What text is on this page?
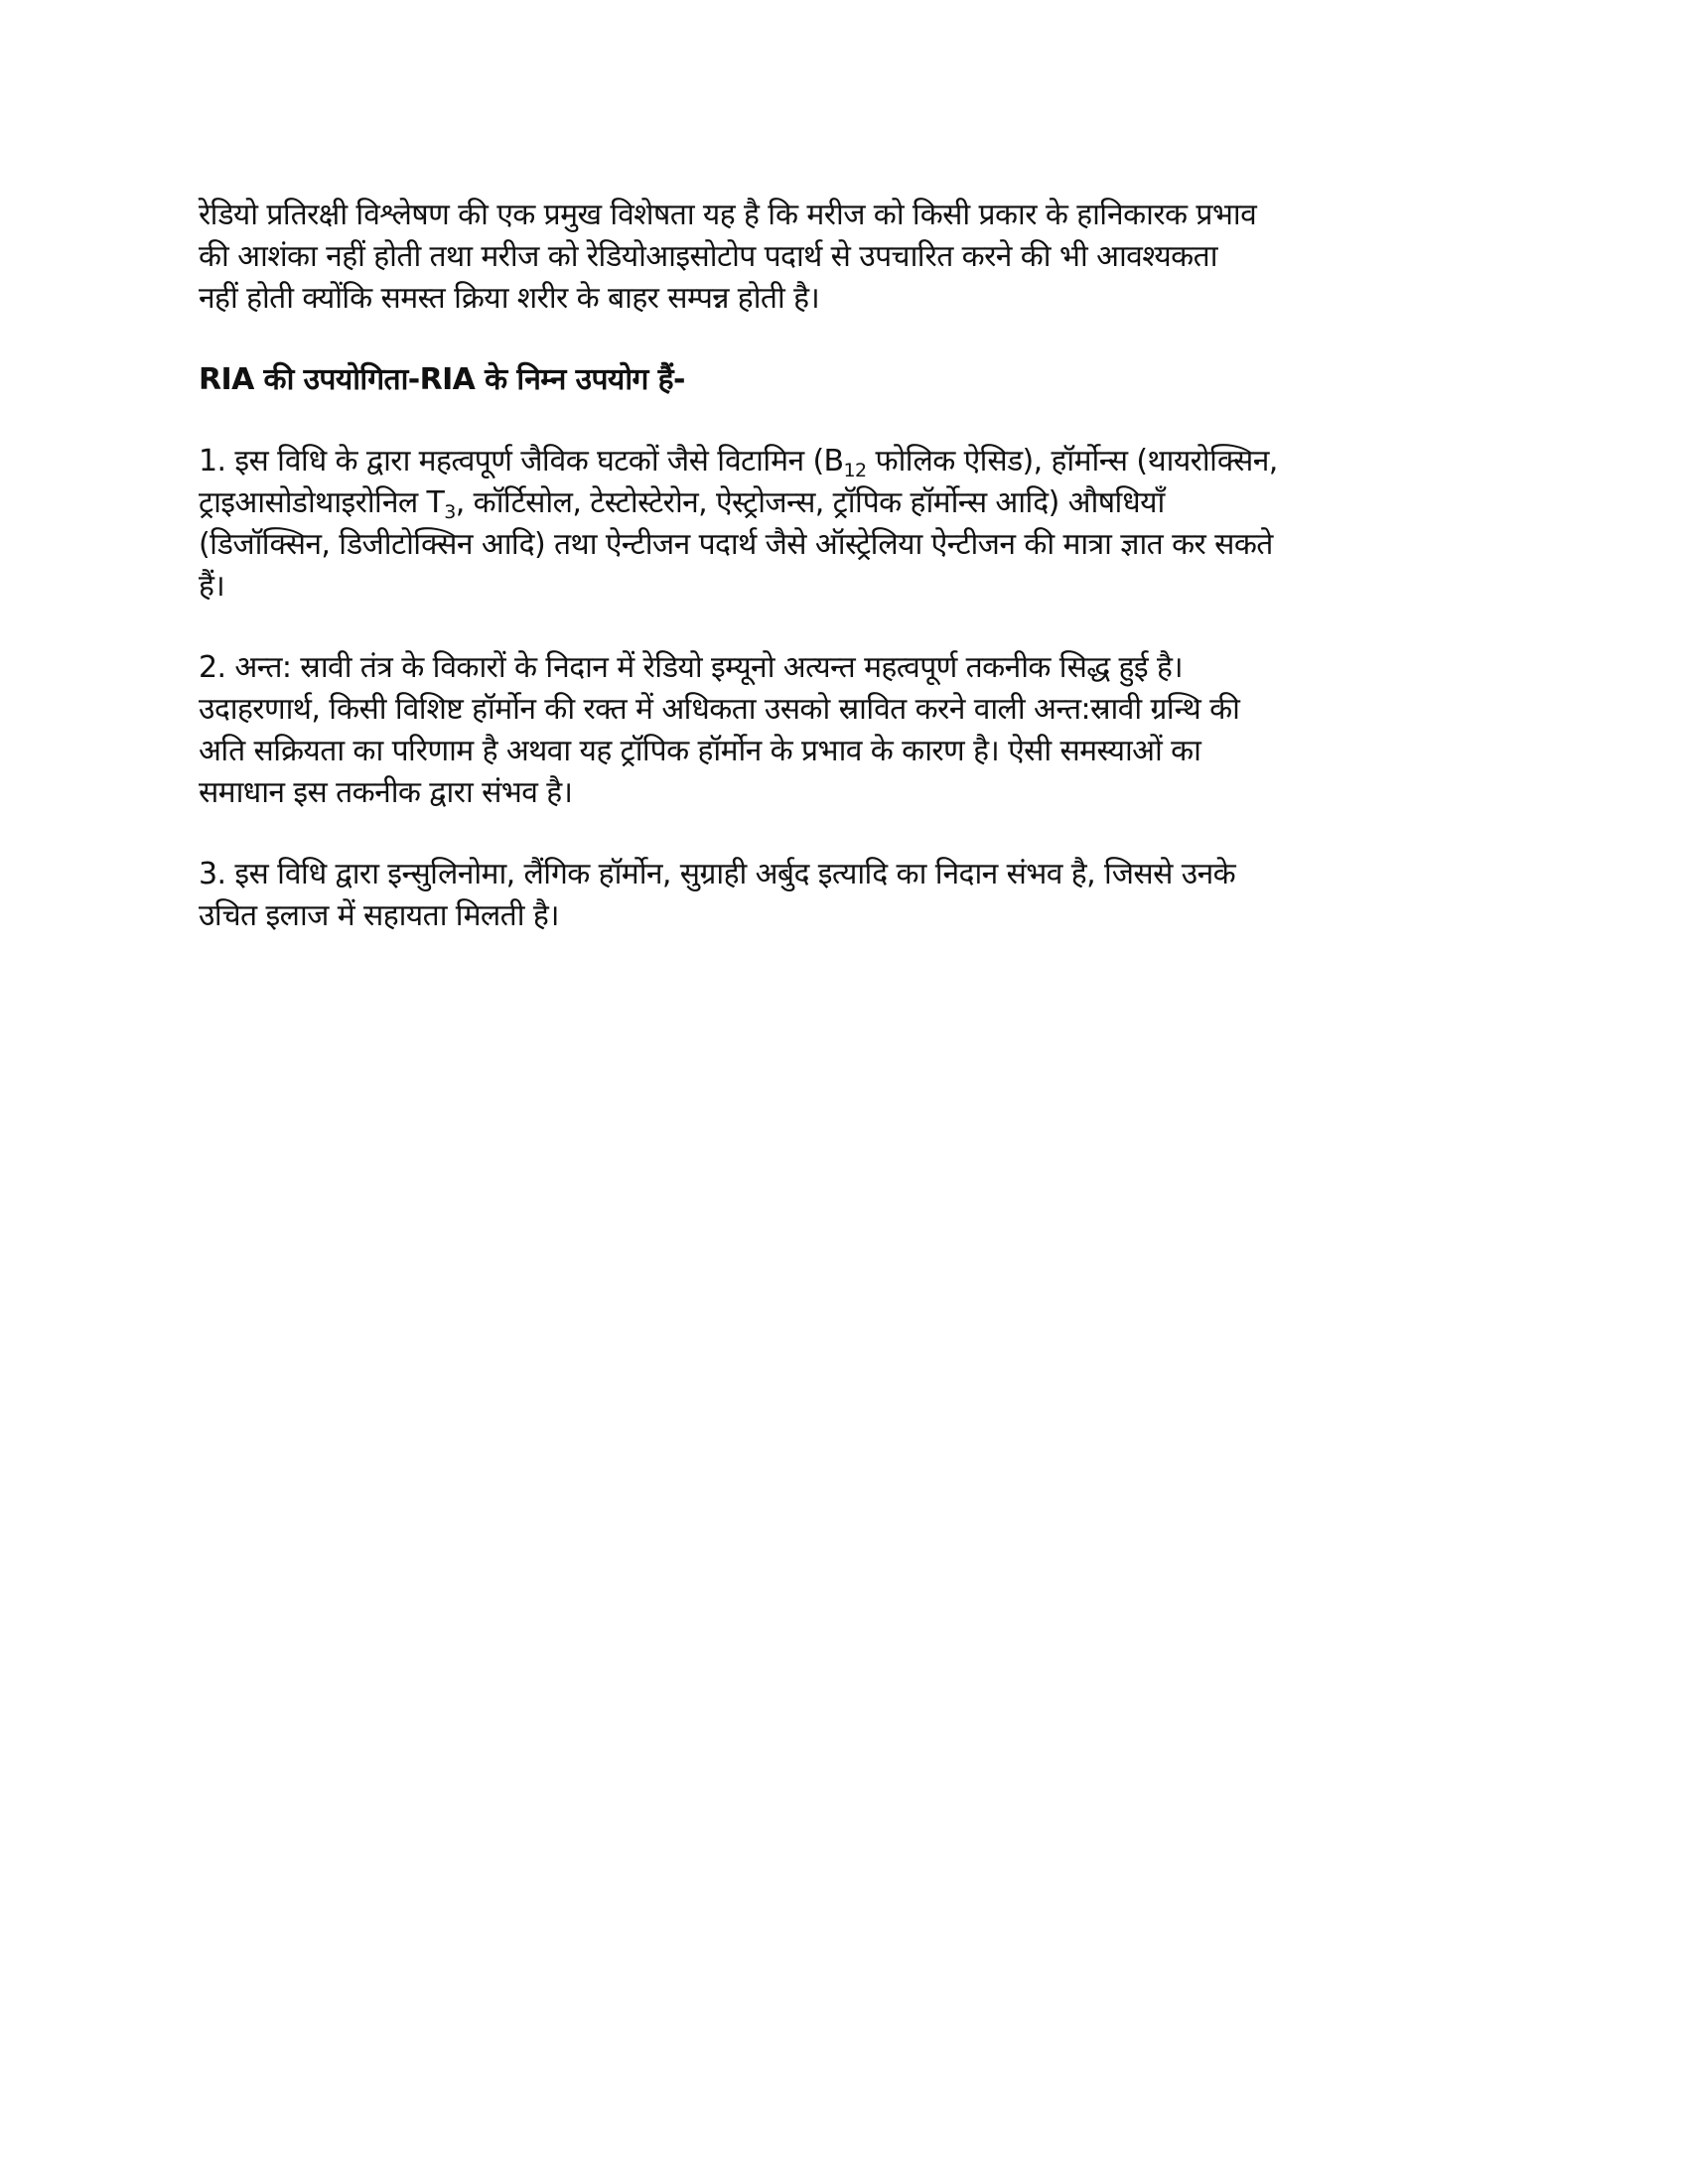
रेडियो प्रतिरक्षी विश्लेषण की एक प्रमुख विशेषता यह है कि मरीज को किसी प्रकार के हानिकारक प्रभाव
की आशंका नहीं होती तथा मरीज को रेडियोआइसोटोप पदार्थ से उपचारित करने की भी आवश्यकता
नहीं होती क्योंकि समस्त क्रिया शरीर के बाहर सम्पन्न होती है।

RIA की उपयोगिता-RIA के निम्न उपयोग हैं-

1. इस विधि के द्वारा महत्वपूर्ण जैविक घटकों जैसे विटामिन ($B_{12}$ फोलिक ऐसिड), हॉर्मोन्स (थायरोक्सिन,
ट्राइआसोडोथाइरोनिल $T_3$, कॉर्टिसोल, टेस्टोस्टेरोन, ऐस्ट्रोजन्स, ट्रॉपिक हॉर्मोन्स आदि) औषधियाँ
(डिजॉक्सिन, डिजीटोक्सिन आदि) तथा ऐन्टीजन पदार्थ जैसे ऑस्ट्रेलिया ऐन्टीजन की मात्रा ज्ञात कर सकते
हैं।

2. अन्त: स्रावी तंत्र के विकारों के निदान में रेडियो इम्यूनो अत्यन्त महत्वपूर्ण तकनीक सिद्ध हुई है।
उदाहरणार्थ, किसी विशिष्ट हॉर्मोन की रक्त में अधिकता उसको स्रावित करने वाली अन्त:स्रावी ग्रन्थि की
अति सक्रियता का परिणाम है अथवा यह ट्रॉपिक हॉर्मोन के प्रभाव के कारण है। ऐसी समस्याओं का
समाधान इस तकनीक द्वारा संभव है।

3. इस विधि द्वारा इन्सुलिनोमा, लैंगिक हॉर्मोन, सुग्राही अर्बुद इत्यादि का निदान संभव है, जिससे उनके
उचित इलाज में सहायता मिलती है।
